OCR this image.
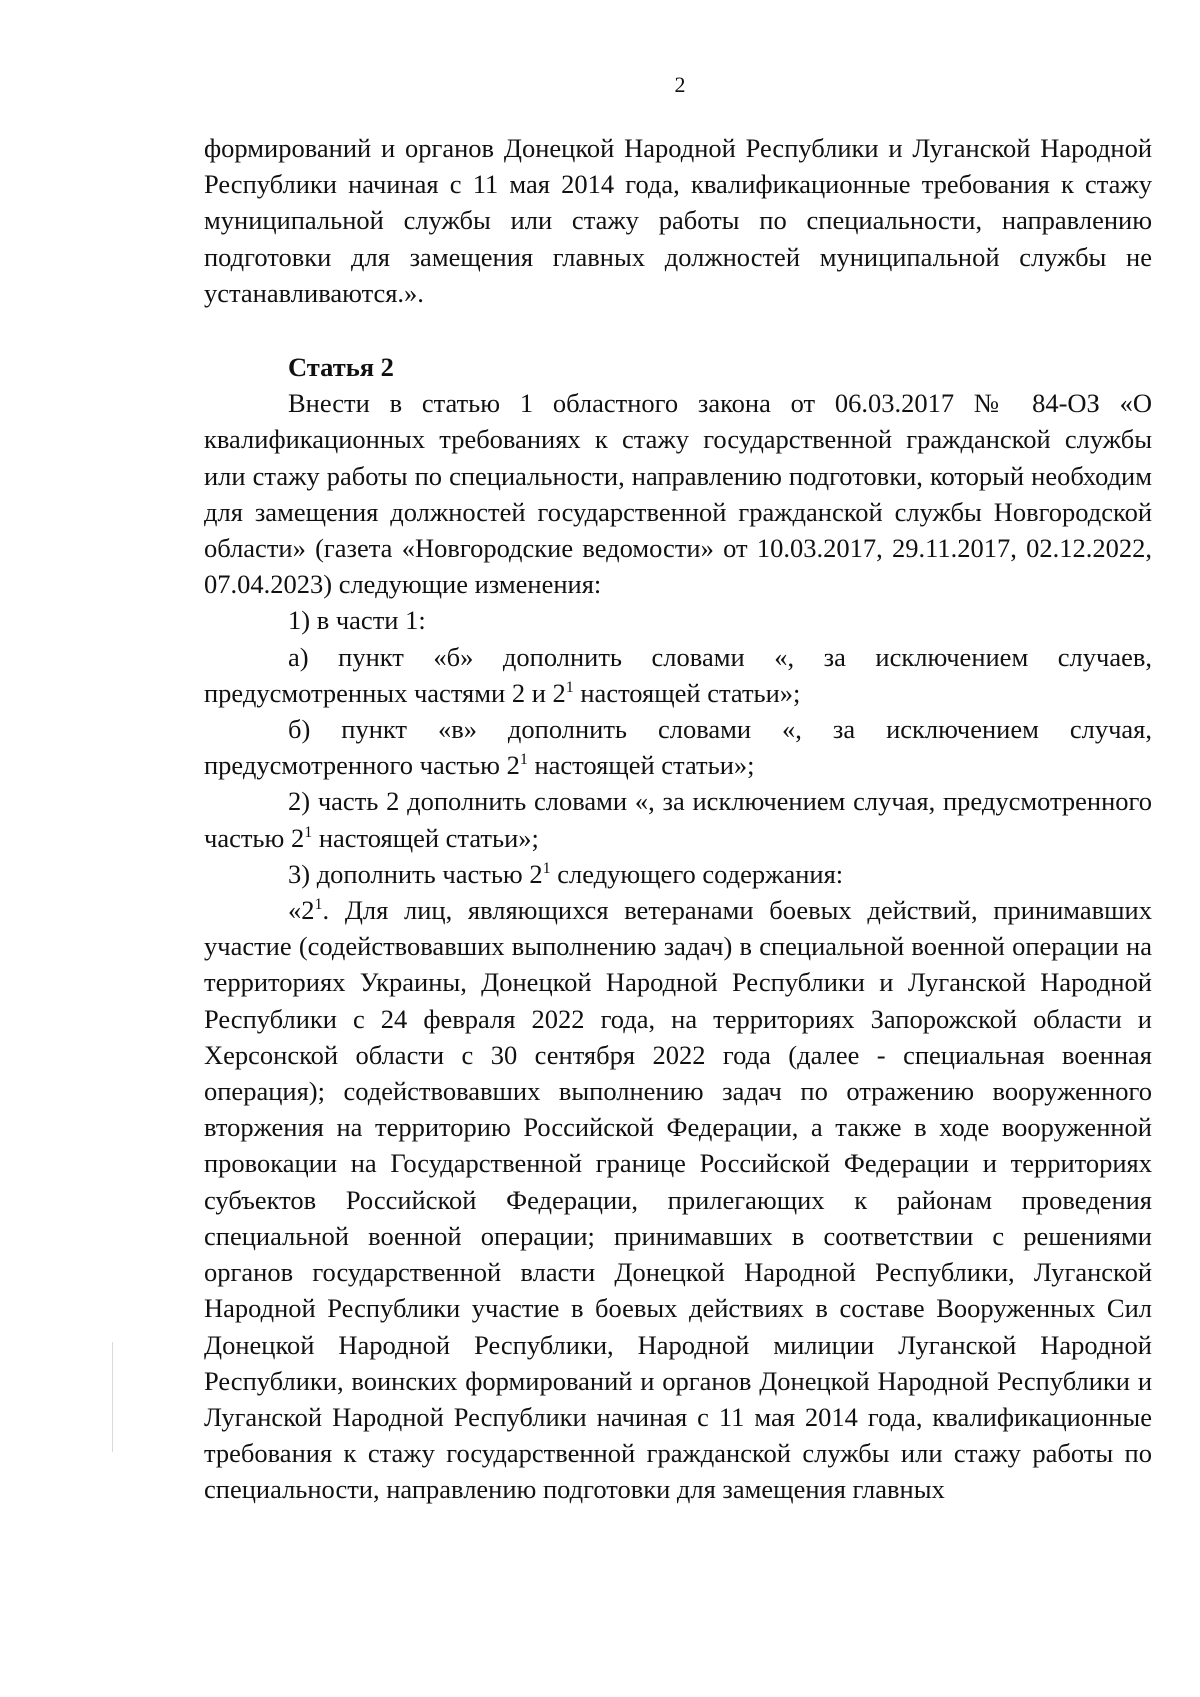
2

формирований и органов Донецкой Народной Республики и Луганской Народной Республики начиная с 11 мая 2014 года, квалификационные требования к стажу муниципальной службы или стажу работы по специальности, направлению подготовки для замещения главных должностей муниципальной службы не устанавливаются.».

Статья 2

Внести в статью 1 областного закона от 06.03.2017 № 84-ОЗ «О квалификационных требованиях к стажу государственной гражданской службы или стажу работы по специальности, направлению подготовки, который необходим для замещения должностей государственной гражданской службы Новгородской области» (газета «Новгородские ведомости» от 10.03.2017, 29.11.2017, 02.12.2022, 07.04.2023) следующие изменения:

1) в части 1:

а) пункт «б» дополнить словами «, за исключением случаев, предусмотренных частями 2 и $2^1$ настоящей статьи»;

б) пункт «в» дополнить словами «, за исключением случая, предусмотренного частью $2^1$ настоящей статьи»;

2) часть 2 дополнить словами «, за исключением случая, предусмотренного частью $2^1$ настоящей статьи»;

3) дополнить частью $2^1$ следующего содержания:

«$2^1$. Для лиц, являющихся ветеранами боевых действий, принимавших участие (содействовавших выполнению задач) в специальной военной операции на территориях Украины, Донецкой Народной Республики и Луганской Народной Республики с 24 февраля 2022 года, на территориях Запорожской области и Херсонской области с 30 сентября 2022 года (далее - специальная военная операция); содействовавших выполнению задач по отражению вооруженного вторжения на территорию Российской Федерации, а также в ходе вооруженной провокации на Государственной границе Российской Федерации и территориях субъектов Российской Федерации, прилегающих к районам проведения специальной военной операции; принимавших в соответствии с решениями органов государственной власти Донецкой Народной Республики, Луганской Народной Республики участие в боевых действиях в составе Вооруженных Сил Донецкой Народной Республики, Народной милиции Луганской Народной Республики, воинских формирований и органов Донецкой Народной Республики и Луганской Народной Республики начиная с 11 мая 2014 года, квалификационные требования к стажу государственной гражданской службы или стажу работы по специальности, направлению подготовки для замещения главных
